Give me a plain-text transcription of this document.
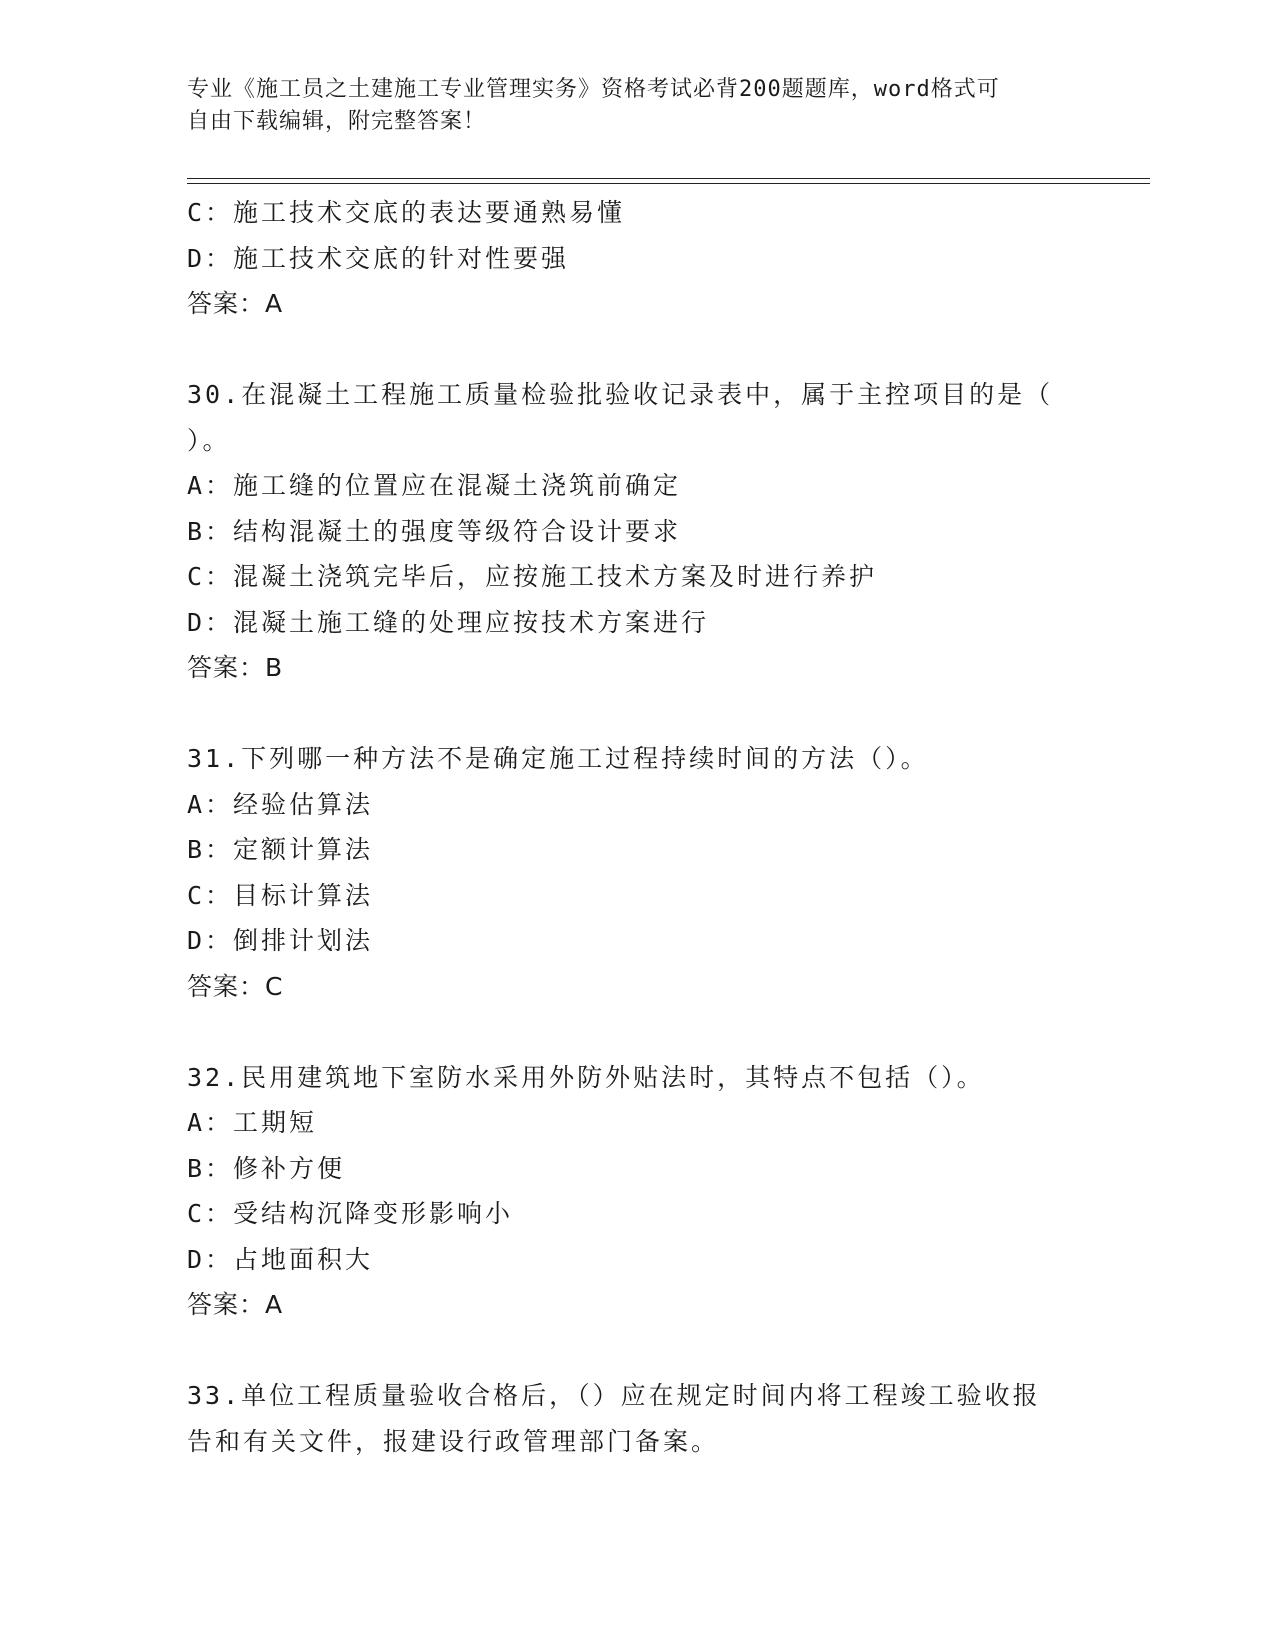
专业《施工员之土建施工专业管理实务》资格考试必背200题题库，word格式可
自由下载编辑，附完整答案！
C：施工技术交底的表达要通熟易懂
D：施工技术交底的针对性要强
答案：A
30.在混凝土工程施工质量检验批验收记录表中，属于主控项目的是（
）。
A：施工缝的位置应在混凝土浇筑前确定
B：结构混凝土的强度等级符合设计要求
C：混凝土浇筑完毕后，应按施工技术方案及时进行养护
D：混凝土施工缝的处理应按技术方案进行
答案：B
31.下列哪一种方法不是确定施工过程持续时间的方法（）。
A：经验估算法
B：定额计算法
C：目标计算法
D：倒排计划法
答案：C
32.民用建筑地下室防水采用外防外贴法时，其特点不包括（）。
A：工期短
B：修补方便
C：受结构沉降变形影响小
D：占地面积大
答案：A
33.单位工程质量验收合格后，（）应在规定时间内将工程竣工验收报
告和有关文件，报建设行政管理部门备案。
